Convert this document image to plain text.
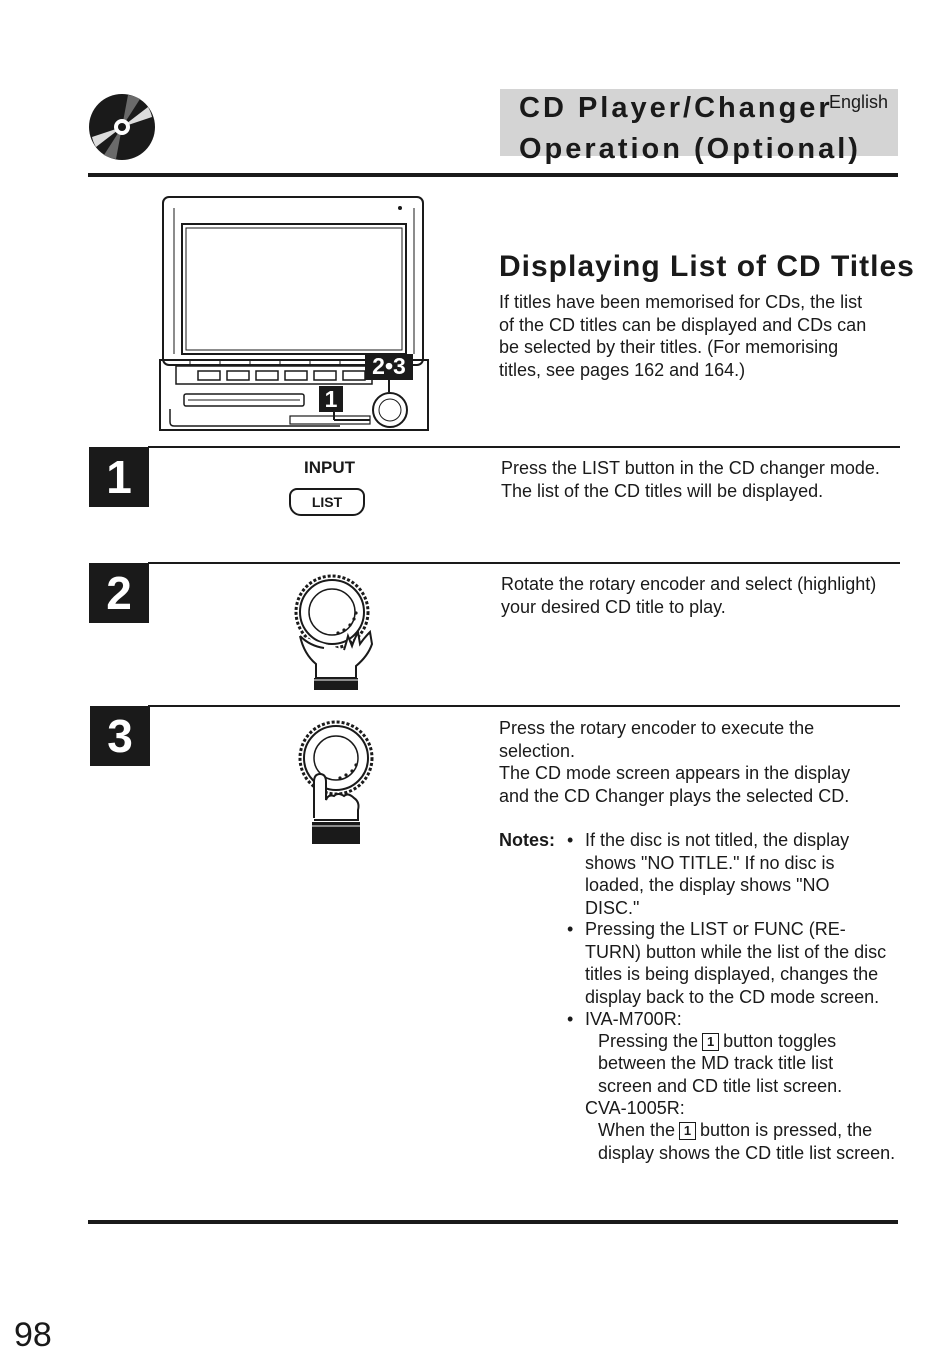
CD Player/Changer
Operation (Optional)
English
2•3
1
Displaying List of CD Titles
If titles have been memorised for CDs, the list
of the CD titles can be displayed and CDs can
be selected by their titles. (For memorising
titles, see pages 162 and 164.)
1	INPUT
LIST
Press the LIST button in the CD changer mode.
The list of the CD titles will be displayed.
2	Rotate the rotary encoder and select (highlight)
your desired CD title to play.
3	Press the rotary encoder to execute the
selection.
The CD mode screen appears in the display
and the CD Changer plays the selected CD.
Notes: • If the disc is not titled, the display
shows "NO TITLE." If no disc is
loaded, the display shows "NO
DISC."
• Pressing the LIST or FUNC (RE-
TURN) button while the list of the disc
titles is being displayed, changes the
display back to the CD mode screen.
• IVA-M700R:
Pressing the 1 button toggles
between the MD track title list
screen and CD title list screen.
CVA-1005R:
When the 1 button is pressed, the
display shows the CD title list screen.
98
